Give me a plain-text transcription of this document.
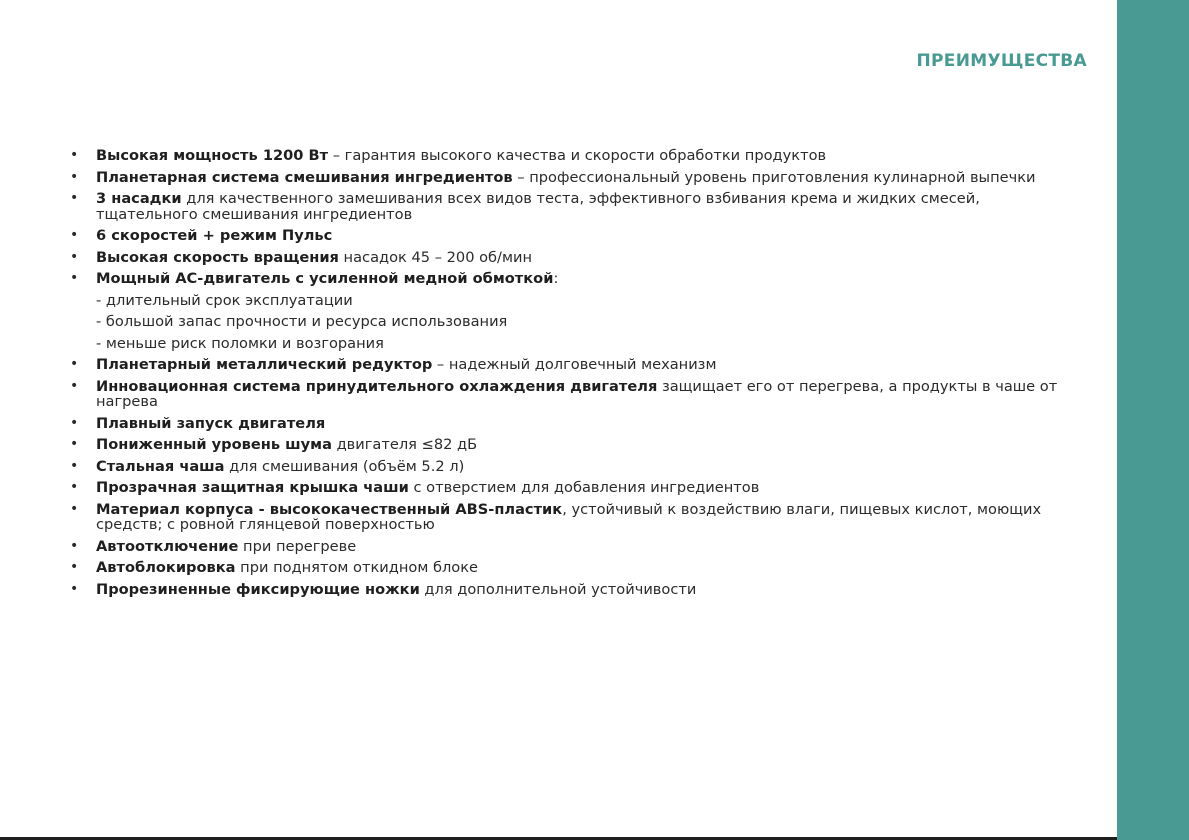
ПРЕИМУЩЕСТВА
• Высокая мощность 1200 Вт – гарантия высокого качества и скорости обработки продуктов
• Планетарная система смешивания ингредиентов – профессиональный уровень приготовления кулинарной выпечки
• 3 насадки для качественного замешивания всех видов теста, эффективного взбивания крема и жидких смесей,
тщательного смешивания ингредиентов
• 6 скоростей + режим Пульс
• Высокая скорость вращения насадок 45 – 200 об/мин
• Мощный АС-двигатель с усиленной медной обмоткой:
- длительный срок эксплуатации
- большой запас прочности и ресурса использования
- меньше риск поломки и возгорания
• Планетарный металлический редуктор – надежный долговечный механизм
• Инновационная система принудительного охлаждения двигателя защищает его от перегрева, а продукты в чаше от
нагрева
• Плавный запуск двигателя
• Пониженный уровень шума двигателя ≤82 дБ
• Стальная чаша для смешивания (объём 5.2 л)
• Прозрачная защитная крышка чаши с отверстием для добавления ингредиентов
• Материал корпуса - высококачественный ABS-пластик, устойчивый к воздействию влаги, пищевых кислот, моющих
средств; с ровной глянцевой поверхностью
• Автоотключение при перегреве
• Автоблокировка при поднятом откидном блоке
• Прорезиненные фиксирующие ножки для дополнительной устойчивости
